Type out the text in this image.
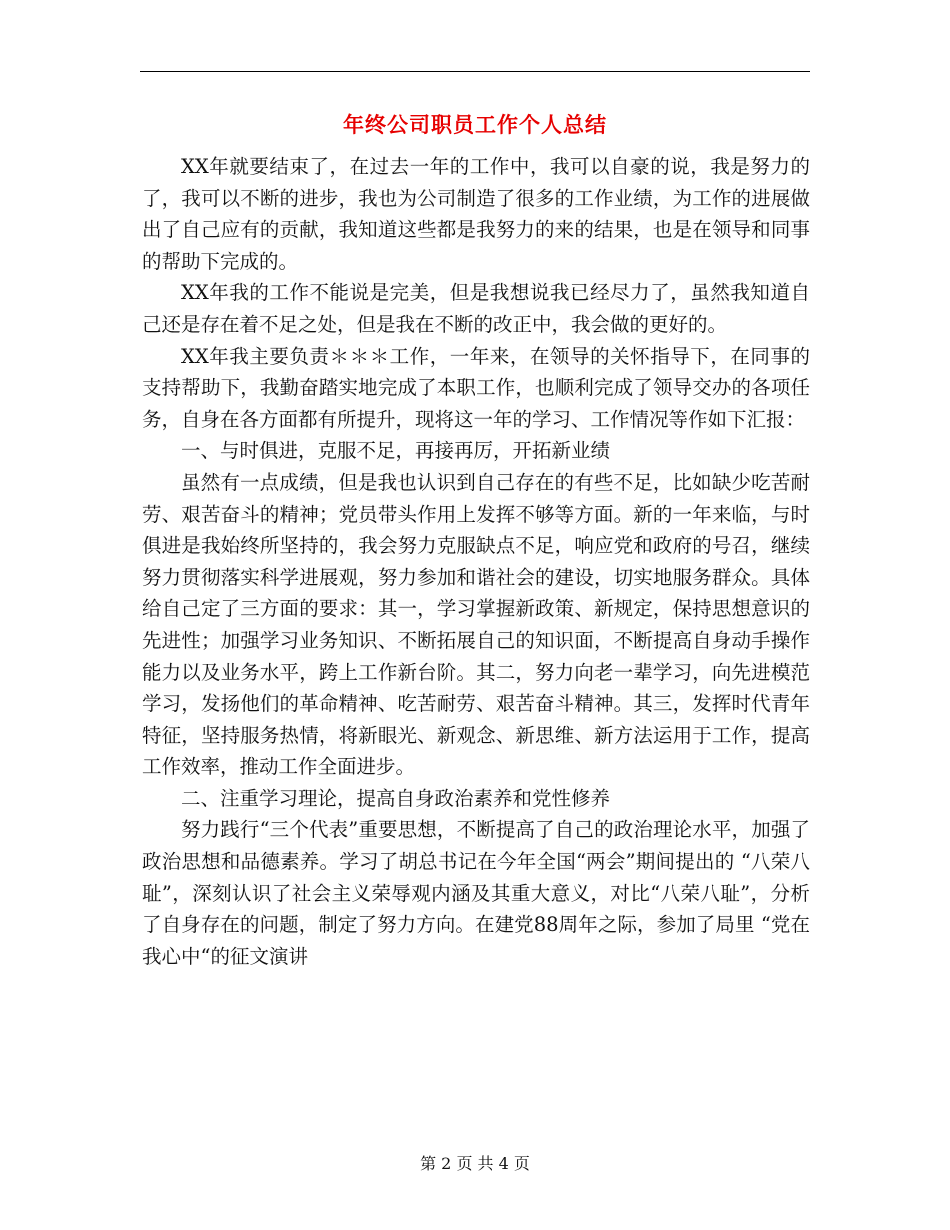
年终公司职员工作个人总结

XX年就要结束了，在过去一年的工作中，我可以自豪的说，我是努力的了，我可以不断的进步，我也为公司制造了很多的工作业绩，为工作的进展做出了自己应有的贡献，我知道这些都是我努力的来的结果，也是在领导和同事的帮助下完成的。

XX年我的工作不能说是完美，但是我想说我已经尽力了，虽然我知道自己还是存在着不足之处，但是我在不断的改正中，我会做的更好的。

XX年我主要负责＊＊＊工作，一年来，在领导的关怀指导下，在同事的支持帮助下，我勤奋踏实地完成了本职工作，也顺利完成了领导交办的各项任务，自身在各方面都有所提升，现将这一年的学习、工作情况等作如下汇报：

一、与时俱进，克服不足，再接再厉，开拓新业绩

虽然有一点成绩，但是我也认识到自己存在的有些不足，比如缺少吃苦耐劳、艰苦奋斗的精神；党员带头作用上发挥不够等方面。新的一年来临，与时俱进是我始终所坚持的，我会努力克服缺点不足，响应党和政府的号召，继续努力贯彻落实科学进展观，努力参加和谐社会的建设，切实地服务群众。具体给自己定了三方面的要求：其一，学习掌握新政策、新规定，保持思想意识的先进性；加强学习业务知识、不断拓展自己的知识面，不断提高自身动手操作能力以及业务水平，跨上工作新台阶。其二，努力向老一辈学习，向先进模范学习，发扬他们的革命精神、吃苦耐劳、艰苦奋斗精神。其三，发挥时代青年特征，坚持服务热情，将新眼光、新观念、新思维、新方法运用于工作，提高工作效率，推动工作全面进步。

二、注重学习理论，提高自身政治素养和党性修养

努力践行“三个代表”重要思想，不断提高了自己的政治理论水平，加强了政治思想和品德素养。学习了胡总书记在今年全国“两会”期间提出的 “八荣八耻”，深刻认识了社会主义荣辱观内涵及其重大意义，对比“八荣八耻”，分析了自身存在的问题，制定了努力方向。在建党88周年之际，参加了局里 “党在我心中“的征文演讲

第 2 页 共 4 页
